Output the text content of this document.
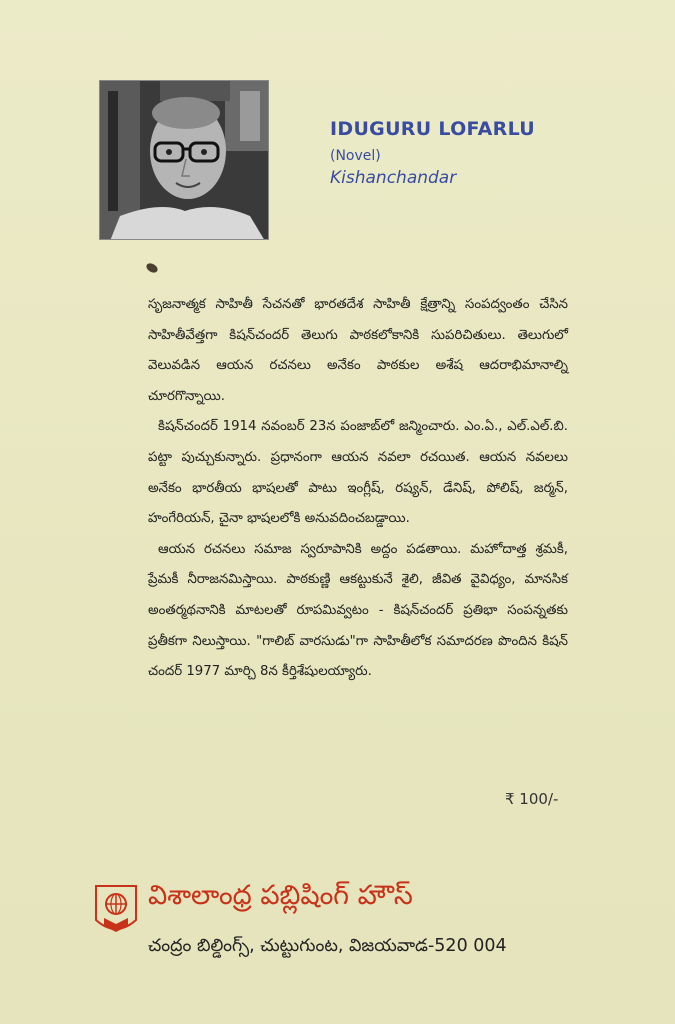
IDUGURU LOFARLU
(Novel)
Kishanchandar

సృజనాత్మక సాహితీ సేచనతో భారతదేశ సాహితీ క్షేత్రాన్ని సంపద్వంతం చేసిన సాహితీవేత్తగా కిషన్‌చందర్ తెలుగు పాఠకలోకానికి సుపరిచితులు. తెలుగులో వెలువడిన ఆయన రచనలు అనేకం పాఠకుల అశేష ఆదరాభిమానాల్ని చూరగొన్నాయి.

కిషన్‌చందర్ 1914 నవంబర్ 23న పంజాబ్‌లో జన్మించారు. ఎం.ఏ., ఎల్.ఎల్.బి. పట్టా పుచ్చుకున్నారు. ప్రధానంగా ఆయన నవలా రచయిత. ఆయన నవలలు అనేకం భారతీయ భాషలతో పాటు ఇంగ్లీష్, రష్యన్, డేనిష్, పోలిష్, జర్మన్, హంగేరియన్, చైనా భాషలలోకి అనువదించబడ్డాయి.

ఆయన రచనలు సమాజ స్వరూపానికి అద్దం పడతాయి. మహోదాత్త శ్రమకీ, ప్రేమకీ నీరాజనమిస్తాయి. పాఠకుణ్ణి ఆకట్టుకునే శైలి, జీవిత వైవిధ్యం, మానసిక అంతర్మథనానికి మాటలతో రూపమివ్వటం - కిషన్‌చందర్ ప్రతిభా సంపన్నతకు ప్రతీకగా నిలుస్తాయి. "గాలిబ్ వారసుడు"గా సాహితీలోక సమాదరణ పొందిన కిషన్ చందర్ 1977 మార్చి 8న కీర్తిశేషులయ్యారు.

₹ 100/-
విశాలాంధ్ర పబ్లిషింగ్ హౌస్
చంద్రం బిల్డింగ్స్, చుట్టుగుంట, విజయవాడ-520 004
